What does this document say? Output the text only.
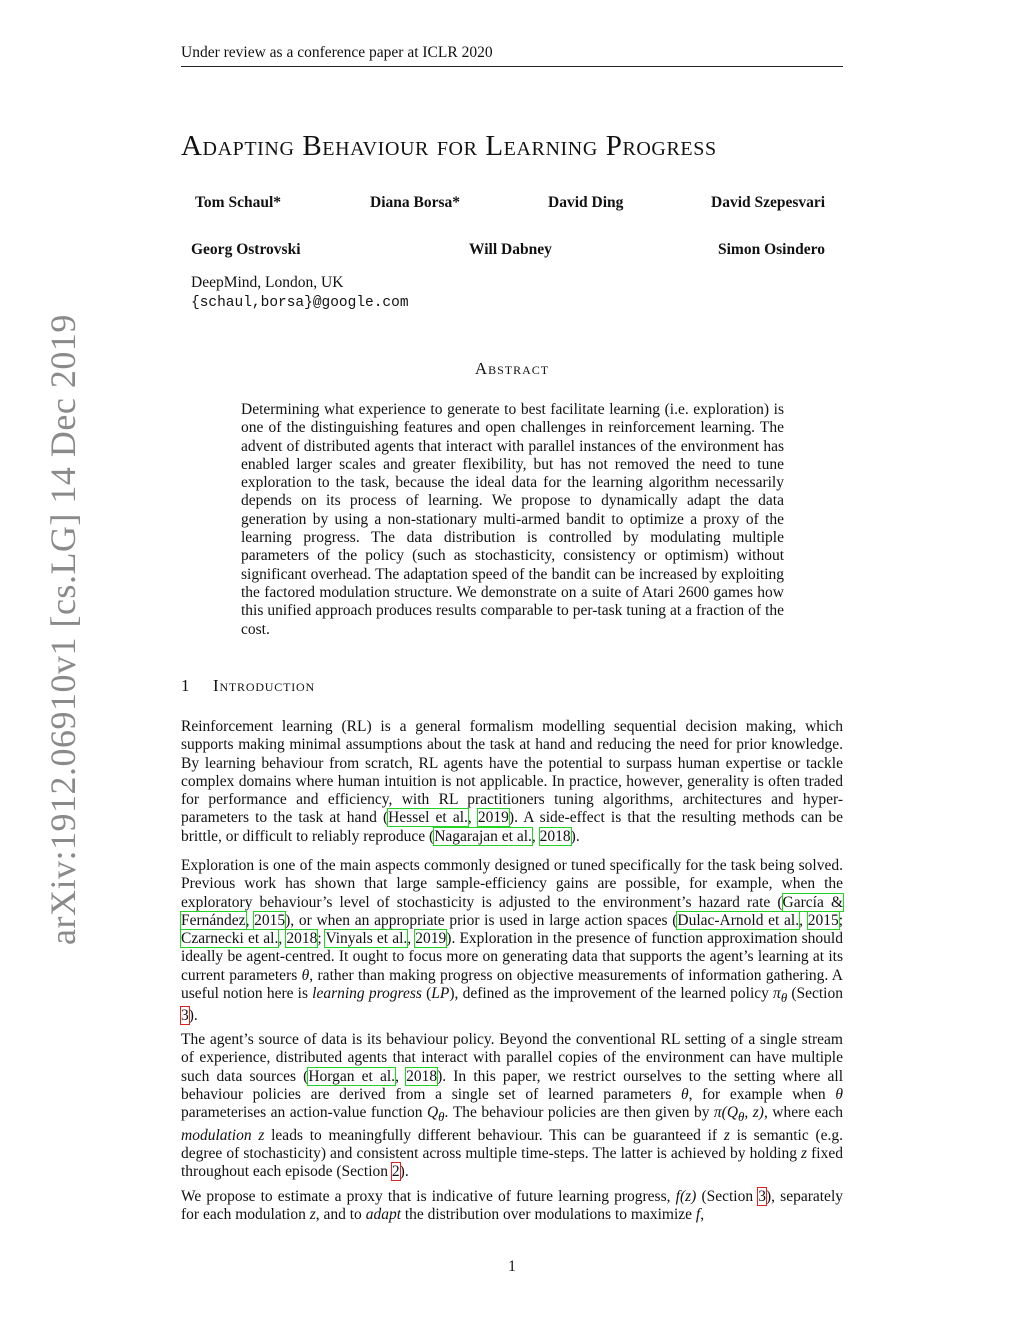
Under review as a conference paper at ICLR 2020
arXiv:1912.06910v1 [cs.LG] 14 Dec 2019
Adapting Behaviour for Learning Progress
Tom Schaul*	Diana Borsa*	David Ding	David Szepesvari
Georg Ostrovski	Will Dabney	Simon Osindero
DeepMind, London, UK
{schaul,borsa}@google.com
Abstract

Determining what experience to generate to best facilitate learning (i.e. exploration) is one of the distinguishing features and open challenges in reinforcement learning. The advent of distributed agents that interact with parallel instances of the environment has enabled larger scales and greater flexibility, but has not removed the need to tune exploration to the task, because the ideal data for the learning algorithm necessarily depends on its process of learning. We propose to dynamically adapt the data generation by using a non-stationary multi-armed bandit to optimize a proxy of the learning progress. The data distribution is controlled by modulating multiple parameters of the policy (such as stochasticity, consistency or optimism) without significant overhead. The adaptation speed of the bandit can be increased by exploiting the factored modulation structure. We demonstrate on a suite of Atari 2600 games how this unified approach produces results comparable to per-task tuning at a fraction of the cost.

1 Introduction

Reinforcement learning (RL) is a general formalism modelling sequential decision making, which supports making minimal assumptions about the task at hand and reducing the need for prior knowledge. By learning behaviour from scratch, RL agents have the potential to surpass human expertise or tackle complex domains where human intuition is not applicable. In practice, however, generality is often traded for performance and efficiency, with RL practitioners tuning algorithms, architectures and hyper-parameters to the task at hand (Hessel et al., 2019). A side-effect is that the resulting methods can be brittle, or difficult to reliably reproduce (Nagarajan et al., 2018).

Exploration is one of the main aspects commonly designed or tuned specifically for the task being solved. Previous work has shown that large sample-efficiency gains are possible, for example, when the exploratory behaviour’s level of stochasticity is adjusted to the environment’s hazard rate (García & Fernández, 2015), or when an appropriate prior is used in large action spaces (Dulac-Arnold et al., 2015; Czarnecki et al., 2018; Vinyals et al., 2019). Exploration in the presence of function approximation should ideally be agent-centred. It ought to focus more on generating data that supports the agent’s learning at its current parameters θ, rather than making progress on objective measurements of information gathering. A useful notion here is learning progress (LP), defined as the improvement of the learned policy $\pi_\theta$ (Section 3).

The agent’s source of data is its behaviour policy. Beyond the conventional RL setting of a single stream of experience, distributed agents that interact with parallel copies of the environment can have multiple such data sources (Horgan et al., 2018). In this paper, we restrict ourselves to the setting where all behaviour policies are derived from a single set of learned parameters θ, for example when θ parameterises an action-value function $Q_\theta$. The behaviour policies are then given by $\pi(Q_\theta$, z), where each modulation z leads to meaningfully different behaviour. This can be guaranteed if z is semantic (e.g. degree of stochasticity) and consistent across multiple time-steps. The latter is achieved by holding z fixed throughout each episode (Section 2).

We propose to estimate a proxy that is indicative of future learning progress, f(z) (Section 3), separately for each modulation z, and to adapt the distribution over modulations to maximize f,

1
